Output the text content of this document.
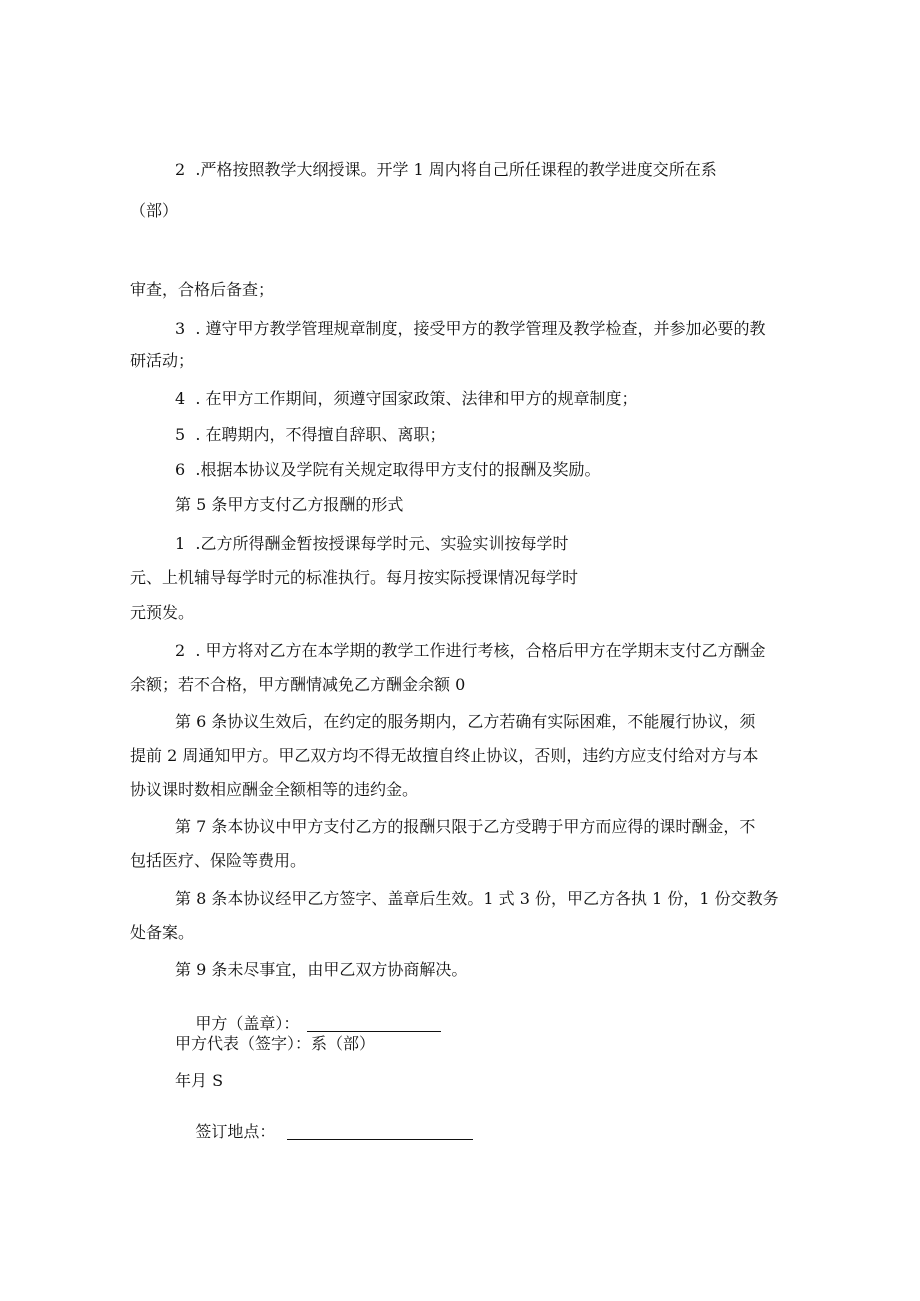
2  .严格按照教学大纲授课。开学 1 周内将自己所任课程的教学进度交所在系

（部）

审查，合格后备查；

3  . 遵守甲方教学管理规章制度，接受甲方的教学管理及教学检查，并参加必要的教

研活动；

4  . 在甲方工作期间，须遵守国家政策、法律和甲方的规章制度；

5  . 在聘期内，不得擅自辞职、离职；

6  .根据本协议及学院有关规定取得甲方支付的报酬及奖励。

第 5 条甲方支付乙方报酬的形式

1  .乙方所得酬金暂按授课每学时元、实验实训按每学时

元、上机辅导每学时元的标准执行。每月按实际授课情况每学时

元预发。

2  . 甲方将对乙方在本学期的教学工作进行考核，合格后甲方在学期末支付乙方酬金

余额；若不合格，甲方酬情减免乙方酬金余额 0

第 6 条协议生效后，在约定的服务期内，乙方若确有实际困难，不能履行协议，须

提前 2 周通知甲方。甲乙双方均不得无故擅自终止协议，否则，违约方应支付给对方与本

协议课时数相应酬金全额相等的违约金。

第 7 条本协议中甲方支付乙方的报酬只限于乙方受聘于甲方而应得的课时酬金，不

包括医疗、保险等费用。

第 8 条本协议经甲乙方签字、盖章后生效。1 式 3 份，甲乙方各执 1 份，1 份交教务

处备案。

第 9 条未尽事宜，由甲乙双方协商解决。

甲方（盖章）：

甲方代表（签字）：系（部）

年月 S

签订地点：
